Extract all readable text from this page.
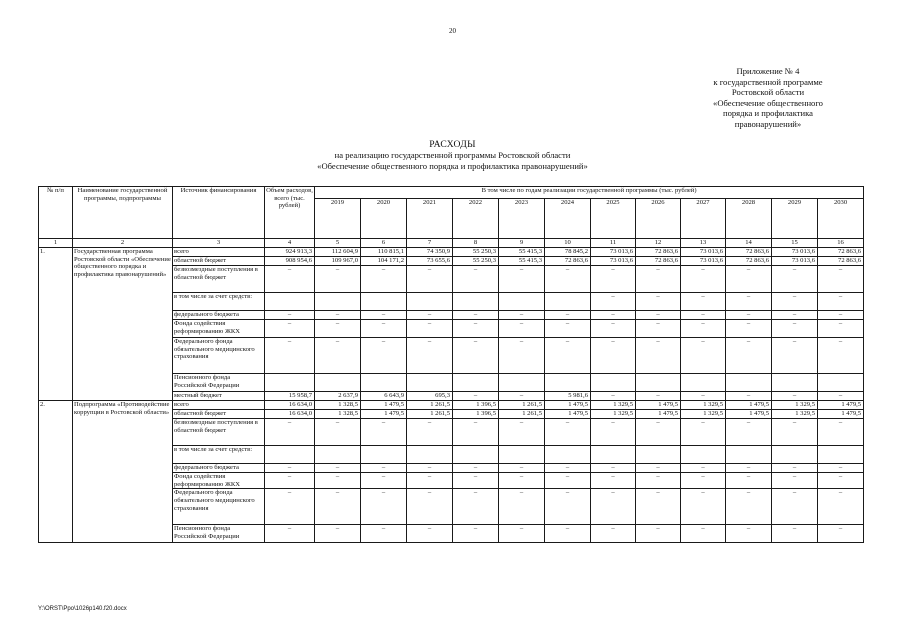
20
Приложение № 4
к государственной программе
Ростовской области
«Обеспечение общественного
порядка и профилактика
правонарушений»
РАСХОДЫ
на реализацию государственной программы Ростовской области
«Обеспечение общественного порядка и профилактика правонарушений»
№ п/п	Наименование государственной программы, подпрограммы	Источник финансирования	Объем расходов, всего (тыс. рублей)	В том числе по годам реализации государственной программы (тыс. рублей)											
				2019	2020	2021	2022	2023	2024	2025	2026	2027	2028	2029	2030
1	2	3	4	5	6	7	8	9	10	11	12	13	14	15	16
1.	Государственная программа Ростовской области «Обеспечение общественного порядка и профилактика правонарушений»	всего	924 913,3	112 604,9	110 815,1	74 350,9	55 250,3	55 415,3	78 845,2	73 013,6	72 863,6	73 013,6	72 863,6	73 013,6	72 863,6
		областной бюджет	908 954,6	109 967,0	104 171,2	73 655,6	55 250,3	55 415,3	72 863,6	73 013,6	72 863,6	73 013,6	72 863,6	73 013,6	72 863,6
		безвозмездные поступления в областной бюджет	–	–	–	–	–	–	–	–	–	–	–	–	–
		в том числе за счет средств:								–	–	–	–	–	–
		федерального бюджета	–	–	–	–	–	–	–	–	–	–	–	–	–
		Фонда содействия реформированию ЖКХ	–	–	–	–	–	–	–	–	–	–	–	–	–
		Федерального фонда обязательного медицинского страхования	–	–	–	–	–	–	–	–	–	–	–	–	–
		Пенсионного фонда Российской Федерации													
		местный бюджет	15 958,7	2 637,9	6 643,9	695,3	–	–	5 981,6	–	–	–	–	–	–
2.	Подпрограмма «Противодействие коррупции в Ростовской области»	всего	16 634,0	1 328,5	1 479,5	1 261,5	1 396,5	1 261,5	1 479,5	1 329,5	1 479,5	1 329,5	1 479,5	1 329,5	1 479,5
		областной бюджет	16 634,0	1 328,5	1 479,5	1 261,5	1 396,5	1 261,5	1 479,5	1 329,5	1 479,5	1 329,5	1 479,5	1 329,5	1 479,5
		безвозмездные поступления в областной бюджет	–	–	–	–	–	–	–	–	–	–	–	–	–
		в том числе за счет средств:													
		федерального бюджета	–	–	–	–	–	–	–	–	–	–	–	–	–
		Фонда содействия реформированию ЖКХ	–	–	–	–	–	–	–	–	–	–	–	–	–
		Федерального фонда обязательного медицинского страхования	–	–	–	–	–	–	–	–	–	–	–	–	–
		Пенсионного фонда Российской Федерации	–	–	–	–	–	–	–	–	–	–	–	–	–
Y:\ORST\Ppo\1026p140.f20.docx
